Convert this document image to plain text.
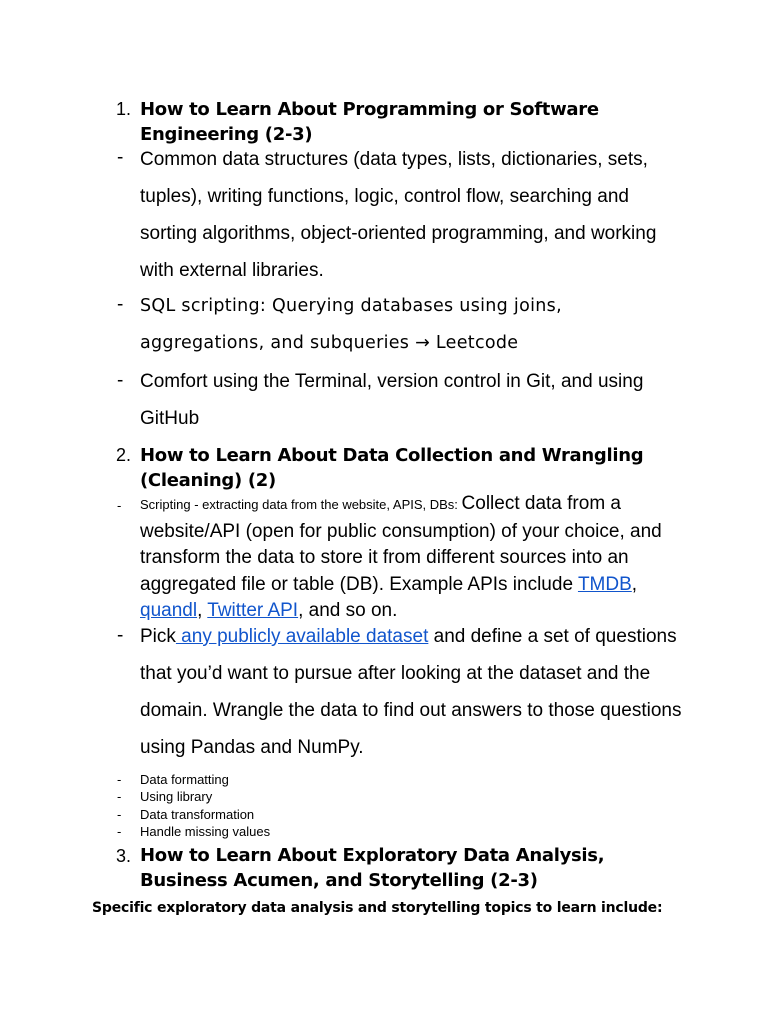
1. How to Learn About Programming or Software Engineering (2-3)
- Common data structures (data types, lists, dictionaries, sets, tuples), writing functions, logic, control flow, searching and sorting algorithms, object-oriented programming, and working with external libraries.
- SQL scripting: Querying databases using joins, aggregations, and subqueries → Leetcode
- Comfort using the Terminal, version control in Git, and using GitHub
2. How to Learn About Data Collection and Wrangling (Cleaning) (2)
- Scripting - extracting data from the website, APIS, DBs: Collect data from a website/API (open for public consumption) of your choice, and transform the data to store it from different sources into an aggregated file or table (DB). Example APIs include TMDB, quandl, Twitter API, and so on.
- Pick any publicly available dataset and define a set of questions that you’d want to pursue after looking at the dataset and the domain. Wrangle the data to find out answers to those questions using Pandas and NumPy.
- Data formatting
- Using library
- Data transformation
- Handle missing values
3. How to Learn About Exploratory Data Analysis, Business Acumen, and Storytelling (2-3)
Specific exploratory data analysis and storytelling topics to learn include:
